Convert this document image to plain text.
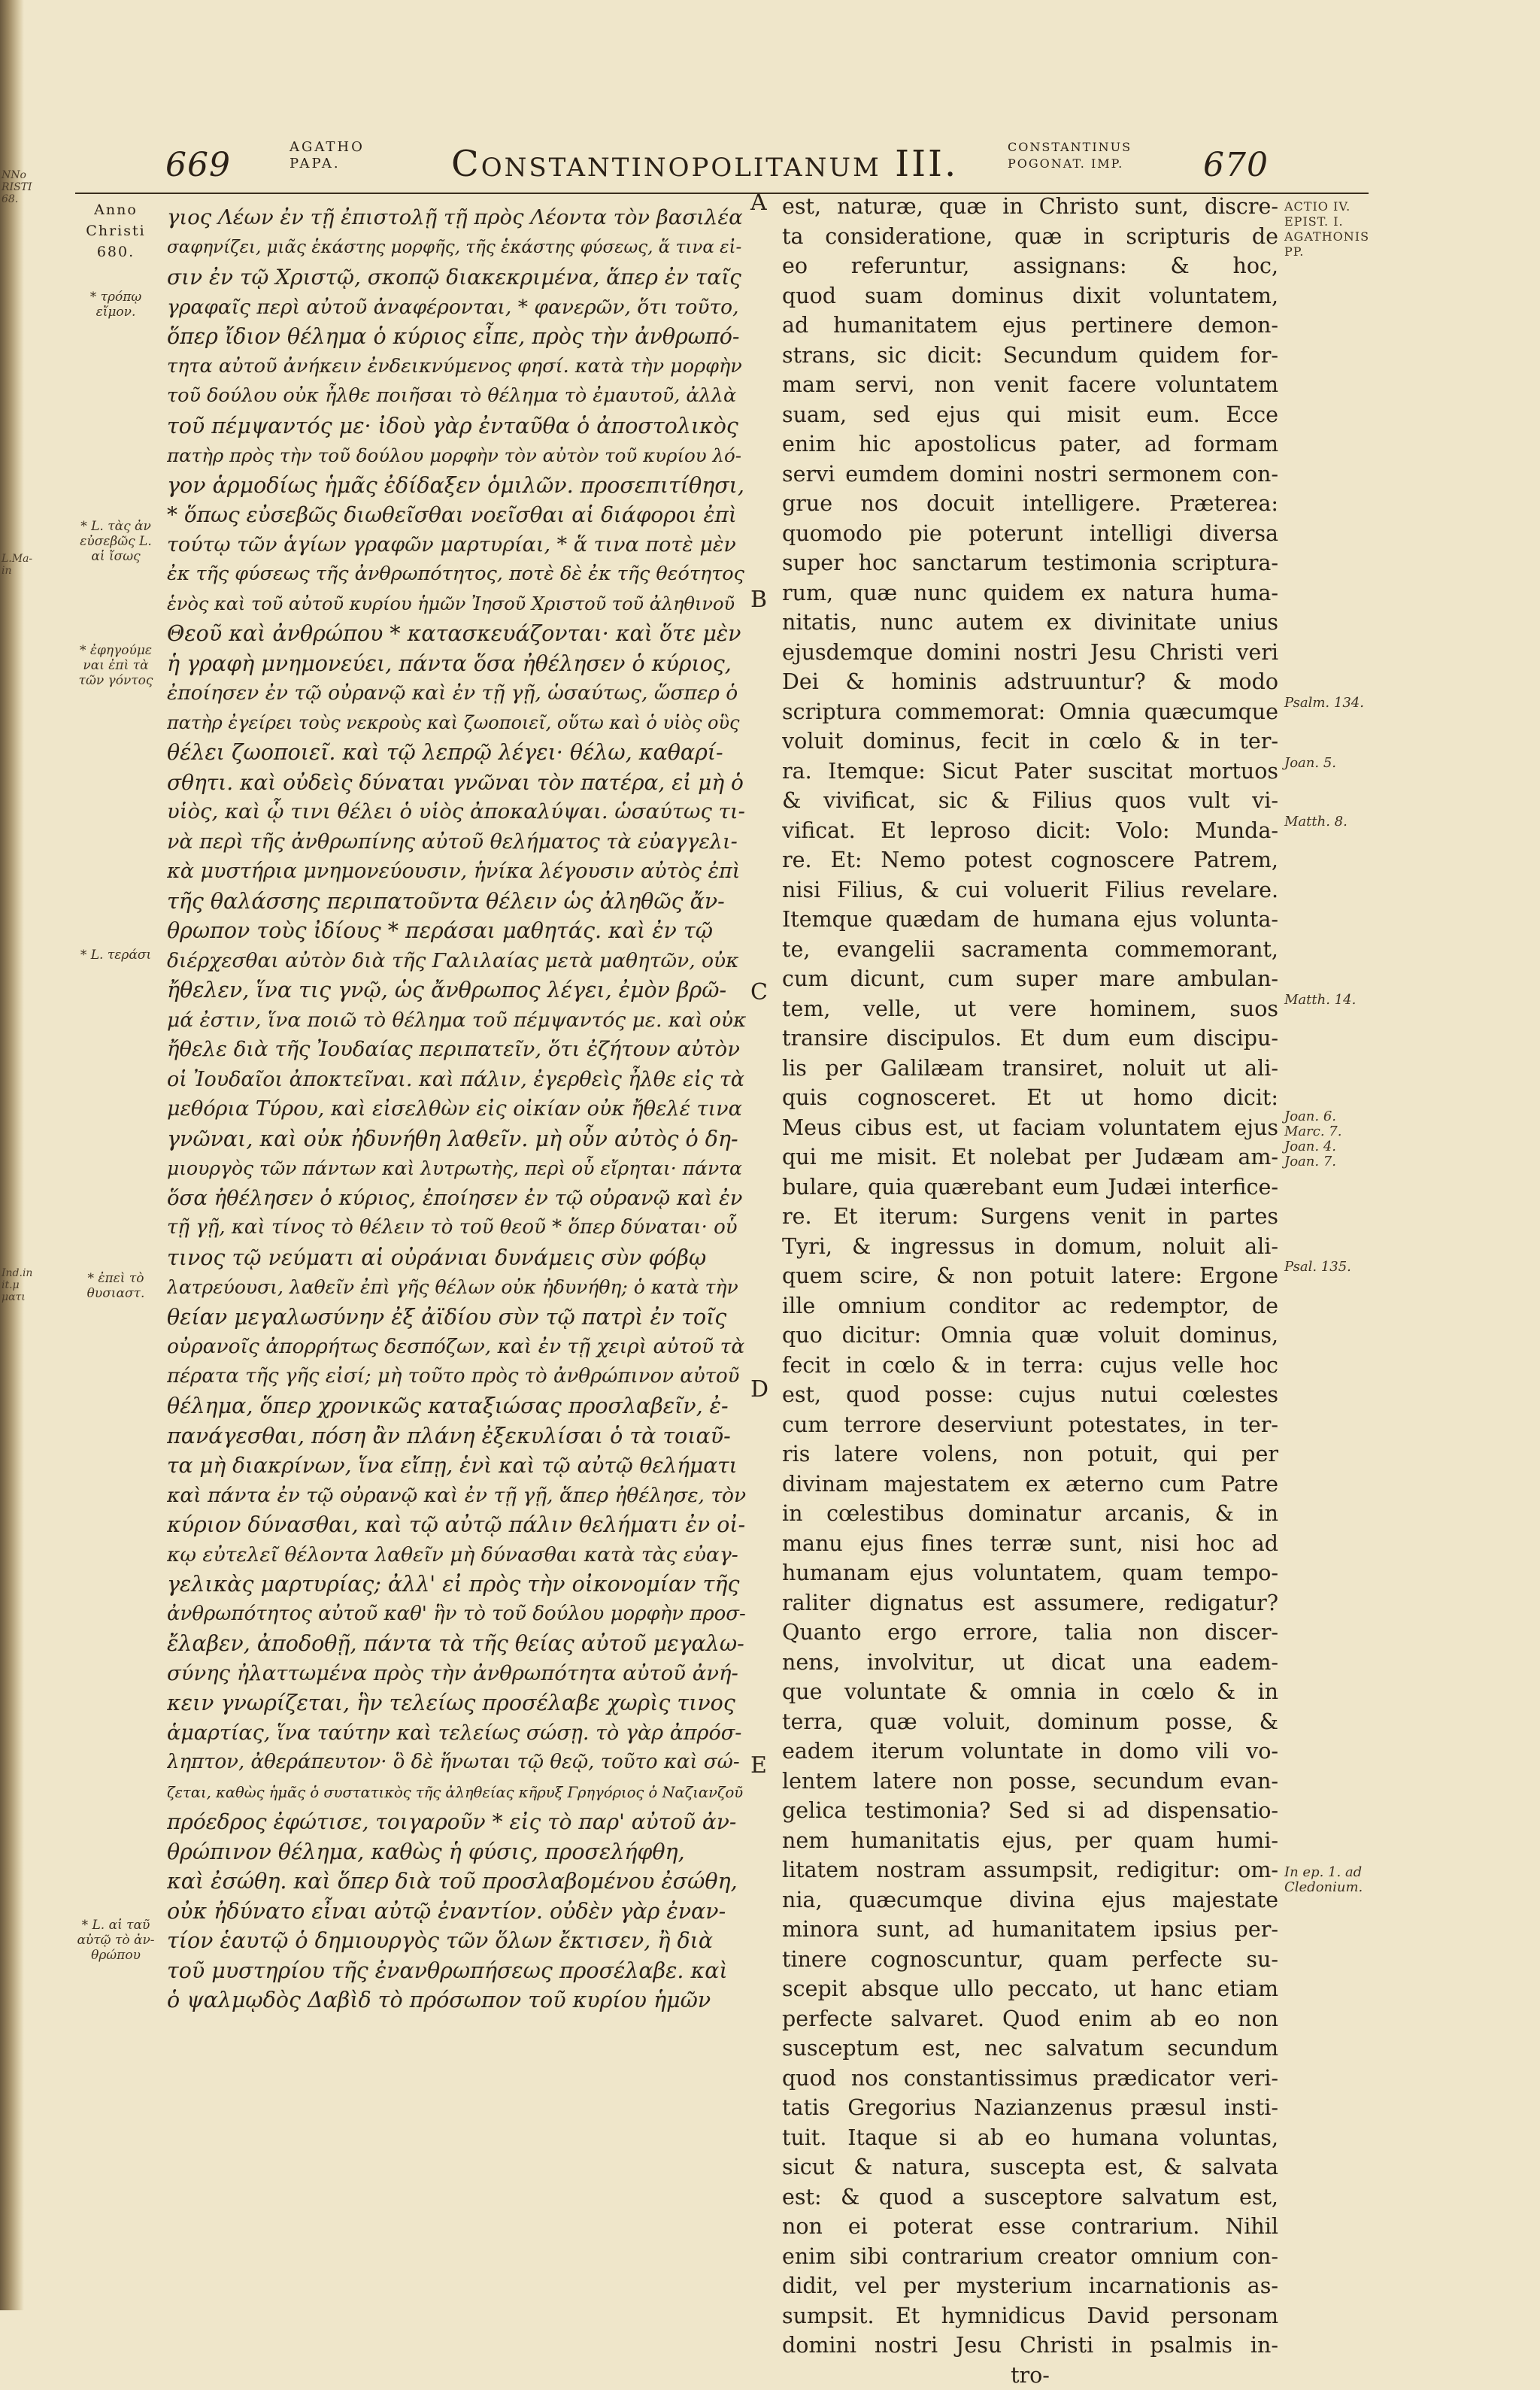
NNo
RISTI
68.
L.Ma-
in
Ind.in
it.μ
ματι
669	AGATHO
PAPA.	Constantinopolitanum III.	CONSTANTINUS
POGONAT. IMP. 670
Anno Christi 680.
* τρόπῳ εἴμον.
* L. τὰς ἀν εὐσεβῶς L. αἱ ἴσως
* ἐφηγούμε ναι ἐπὶ τὰ τῶν γόντος
* L. τεράσι
* ἐπεὶ τὸ θυσιαστ.
* L. αἱ ταῦ αὐτῷ τὸ ἀν- θρώπου

γιος Λέων ἐν τῇ ἐπιστολῇ τῇ πρὸς Λέοντα τὸν βασιλέα

σαφηνίζει, μιᾶς ἑκάστης μορφῆς, τῆς ἑκάστης φύσεως, ἅ τινα εἰ-

σιν ἐν τῷ Χριστῷ, σκοπῷ διακεκριμένα, ἅπερ ἐν ταῖς

γραφαῖς περὶ αὐτοῦ ἀναφέρονται, * φανερῶν, ὅτι τοῦτο,

ὅπερ ἴδιον θέλημα ὁ κύριος εἶπε, πρὸς τὴν ἀνθρωπό-

τητα αὐτοῦ ἀνήκειν ἐνδεικνύμενος φησί. κατὰ τὴν μορφὴν

τοῦ δούλου οὐκ ἦλθε ποιῆσαι τὸ θέλημα τὸ ἐμαυτοῦ, ἀλλὰ

τοῦ πέμψαντός με· ἰδοὺ γὰρ ἐνταῦθα ὁ ἀποστολικὸς

πατὴρ πρὸς τὴν τοῦ δούλου μορφὴν τὸν αὐτὸν τοῦ κυρίου λό-

γον ἁρμοδίως ἡμᾶς ἐδίδαξεν ὁμιλῶν. προσεπιτίθησι,

* ὅπως εὐσεβῶς διωθεῖσθαι νοεῖσθαι αἱ διάφοροι ἐπὶ

τούτῳ τῶν ἁγίων γραφῶν μαρτυρίαι, * ἅ τινα ποτὲ μὲν

ἐκ τῆς φύσεως τῆς ἀνθρωπότητος, ποτὲ δὲ ἐκ τῆς θεότητος

ἑνὸς καὶ τοῦ αὐτοῦ κυρίου ἡμῶν Ἰησοῦ Χριστοῦ τοῦ ἀληθινοῦ

Θεοῦ καὶ ἀνθρώπου * κατασκευάζονται· καὶ ὅτε μὲν

ἡ γραφὴ μνημονεύει, πάντα ὅσα ἠθέλησεν ὁ κύριος,

ἐποίησεν ἐν τῷ οὐρανῷ καὶ ἐν τῇ γῇ, ὡσαύτως, ὥσπερ ὁ

πατὴρ ἐγείρει τοὺς νεκροὺς καὶ ζωοποιεῖ, οὕτω καὶ ὁ υἱὸς οὓς

θέλει ζωοποιεῖ. καὶ τῷ λεπρῷ λέγει· θέλω, καθαρί-

σθητι. καὶ οὐδεὶς δύναται γνῶναι τὸν πατέρα, εἰ μὴ ὁ

υἱὸς, καὶ ᾧ τινι θέλει ὁ υἱὸς ἀποκαλύψαι. ὡσαύτως τι-

νὰ περὶ τῆς ἀνθρωπίνης αὐτοῦ θελήματος τὰ εὐαγγελι-

κὰ μυστήρια μνημονεύουσιν, ἡνίκα λέγουσιν αὐτὸς ἐπὶ

τῆς θαλάσσης περιπατοῦντα θέλειν ὡς ἀληθῶς ἄν-

θρωπον τοὺς ἰδίους * περάσαι μαθητάς. καὶ ἐν τῷ

διέρχεσθαι αὐτὸν διὰ τῆς Γαλιλαίας μετὰ μαθητῶν, οὐκ

ἤθελεν, ἵνα τις γνῷ, ὡς ἄνθρωπος λέγει, ἐμὸν βρῶ-

μά ἐστιν, ἵνα ποιῶ τὸ θέλημα τοῦ πέμψαντός με. καὶ οὐκ

ἤθελε διὰ τῆς Ἰουδαίας περιπατεῖν, ὅτι ἐζήτουν αὐτὸν

οἱ Ἰουδαῖοι ἀποκτεῖναι. καὶ πάλιν, ἐγερθεὶς ἦλθε εἰς τὰ

μεθόρια Τύρου, καὶ εἰσελθὼν εἰς οἰκίαν οὐκ ἤθελέ τινα

γνῶναι, καὶ οὐκ ἠδυνήθη λαθεῖν. μὴ οὖν αὐτὸς ὁ δη-

μιουργὸς τῶν πάντων καὶ λυτρωτὴς, περὶ οὗ εἴρηται· πάντα

ὅσα ἠθέλησεν ὁ κύριος, ἐποίησεν ἐν τῷ οὐρανῷ καὶ ἐν

τῇ γῇ, καὶ τίνος τὸ θέλειν τὸ τοῦ θεοῦ * ὅπερ δύναται· οὗ

τινος τῷ νεύματι αἱ οὐράνιαι δυνάμεις σὺν φόβῳ

λατρεύουσι, λαθεῖν ἐπὶ γῆς θέλων οὐκ ἠδυνήθη; ὁ κατὰ τὴν

θείαν μεγαλωσύνην ἐξ ἀϊδίου σὺν τῷ πατρὶ ἐν τοῖς

οὐρανοῖς ἀπορρήτως δεσπόζων, καὶ ἐν τῇ χειρὶ αὐτοῦ τὰ

πέρατα τῆς γῆς εἰσί; μὴ τοῦτο πρὸς τὸ ἀνθρώπινον αὐτοῦ

θέλημα, ὅπερ χρονικῶς καταξιώσας προσλαβεῖν, ἐ-

πανάγεσθαι, πόση ἂν πλάνη ἐξεκυλίσαι ὁ τὰ τοιαῦ-

τα μὴ διακρίνων, ἵνα εἴπῃ, ἑνὶ καὶ τῷ αὐτῷ θελήματι

καὶ πάντα ἐν τῷ οὐρανῷ καὶ ἐν τῇ γῇ, ἅπερ ἠθέλησε, τὸν

κύριον δύνασθαι, καὶ τῷ αὐτῷ πάλιν θελήματι ἐν οἰ-

κῳ εὐτελεῖ θέλοντα λαθεῖν μὴ δύνασθαι κατὰ τὰς εὐαγ-

γελικὰς μαρτυρίας; ἀλλ' εἰ πρὸς τὴν οἰκονομίαν τῆς

ἀνθρωπότητος αὐτοῦ καθ' ἣν τὸ τοῦ δούλου μορφὴν προσ-

ἔλαβεν, ἀποδοθῇ, πάντα τὰ τῆς θείας αὐτοῦ μεγαλω-

σύνης ἠλαττωμένα πρὸς τὴν ἀνθρωπότητα αὐτοῦ ἀνή-

κειν γνωρίζεται, ἣν τελείως προσέλαβε χωρὶς τινος

ἁμαρτίας, ἵνα ταύτην καὶ τελείως σώσῃ. τὸ γὰρ ἀπρόσ-

ληπτον, ἀθεράπευτον· ὃ δὲ ἥνωται τῷ θεῷ, τοῦτο καὶ σώ-

ζεται, καθὼς ἡμᾶς ὁ συστατικὸς τῆς ἀληθείας κῆρυξ Γρηγόριος ὁ Ναζιανζοῦ

πρόεδρος ἐφώτισε, τοιγαροῦν * εἰς τὸ παρ' αὐτοῦ ἀν-

θρώπινον θέλημα, καθὼς ἡ φύσις, προσελήφθη,

καὶ ἐσώθη. καὶ ὅπερ διὰ τοῦ προσλαβομένου ἐσώθη,

οὐκ ἠδύνατο εἶναι αὐτῷ ἐναντίον. οὐδὲν γὰρ ἐναν-

τίον ἑαυτῷ ὁ δημιουργὸς τῶν ὅλων ἔκτισεν, ἢ διὰ

τοῦ μυστηρίου τῆς ἐνανθρωπήσεως προσέλαβε. καὶ

ὁ ψαλμῳδὸς Δαβὶδ τὸ πρόσωπον τοῦ κυρίου ἡμῶν

A
B
C
D
E

est, naturæ, quæ in Christo sunt, discre-

ta consideratione, quæ in scripturis de

eo referuntur, assignans: & hoc,

quod suam dominus dixit voluntatem,

ad humanitatem ejus pertinere demon-

strans, sic dicit: Secundum quidem for-

mam servi, non venit facere voluntatem

suam, sed ejus qui misit eum. Ecce

enim hic apostolicus pater, ad formam

servi eumdem domini nostri sermonem con-

grue nos docuit intelligere. Præterea:

quomodo pie poterunt intelligi diversa

super hoc sanctarum testimonia scriptura-

rum, quæ nunc quidem ex natura huma-

nitatis, nunc autem ex divinitate unius

ejusdemque domini nostri Jesu Christi veri

Dei & hominis adstruuntur? & modo

scriptura commemorat: Omnia quæcumque

voluit dominus, fecit in cœlo & in ter-

ra. Itemque: Sicut Pater suscitat mortuos

& vivificat, sic & Filius quos vult vi-

vificat. Et leproso dicit: Volo: Munda-

re. Et: Nemo potest cognoscere Patrem,

nisi Filius, & cui voluerit Filius revelare.

Itemque quædam de humana ejus volunta-

te, evangelii sacramenta commemorant,

cum dicunt, cum super mare ambulan-

tem, velle, ut vere hominem, suos

transire discipulos. Et dum eum discipu-

lis per Galilæam transiret, noluit ut ali-

quis cognosceret. Et ut homo dicit:

Meus cibus est, ut faciam voluntatem ejus

qui me misit. Et nolebat per Judæam am-

bulare, quia quærebant eum Judæi interfice-

re. Et iterum: Surgens venit in partes

Tyri, & ingressus in domum, noluit ali-

quem scire, & non potuit latere: Ergone

ille omnium conditor ac redemptor, de

quo dicitur: Omnia quæ voluit dominus,

fecit in cœlo & in terra: cujus velle hoc

est, quod posse: cujus nutui cœlestes

cum terrore deserviunt potestates, in ter-

ris latere volens, non potuit, qui per

divinam majestatem ex æterno cum Patre

in cœlestibus dominatur arcanis, & in

manu ejus fines terræ sunt, nisi hoc ad

humanam ejus voluntatem, quam tempo-

raliter dignatus est assumere, redigatur?

Quanto ergo errore, talia non discer-

nens, involvitur, ut dicat una eadem-

que voluntate & omnia in cœlo & in

terra, quæ voluit, dominum posse, &

eadem iterum voluntate in domo vili vo-

lentem latere non posse, secundum evan-

gelica testimonia? Sed si ad dispensatio-

nem humanitatis ejus, per quam humi-

litatem nostram assumpsit, redigitur: om-

nia, quæcumque divina ejus majestate

minora sunt, ad humanitatem ipsius per-

tinere cognoscuntur, quam perfecte su-

scepit absque ullo peccato, ut hanc etiam

perfecte salvaret. Quod enim ab eo non

susceptum est, nec salvatum secundum

quod nos constantissimus prædicator veri-

tatis Gregorius Nazianzenus præsul insti-

tuit. Itaque si ab eo humana voluntas,

sicut & natura, suscepta est, & salvata

est: & quod a susceptore salvatum est,

non ei poterat esse contrarium. Nihil

enim sibi contrarium creator omnium con-

didit, vel per mysterium incarnationis as-

sumpsit. Et hymnidicus David personam

domini nostri Jesu Christi in psalmis in-

tro-

ACTIO IV. EPIST. I. AGATHONIS PP.
Psalm. 134.
Joan. 5.
Matth. 8.
Matth. 14.
Joan. 6. Marc. 7. Joan. 4. Joan. 7.
Psal. 135.
In ep. 1. ad Cledonium.
